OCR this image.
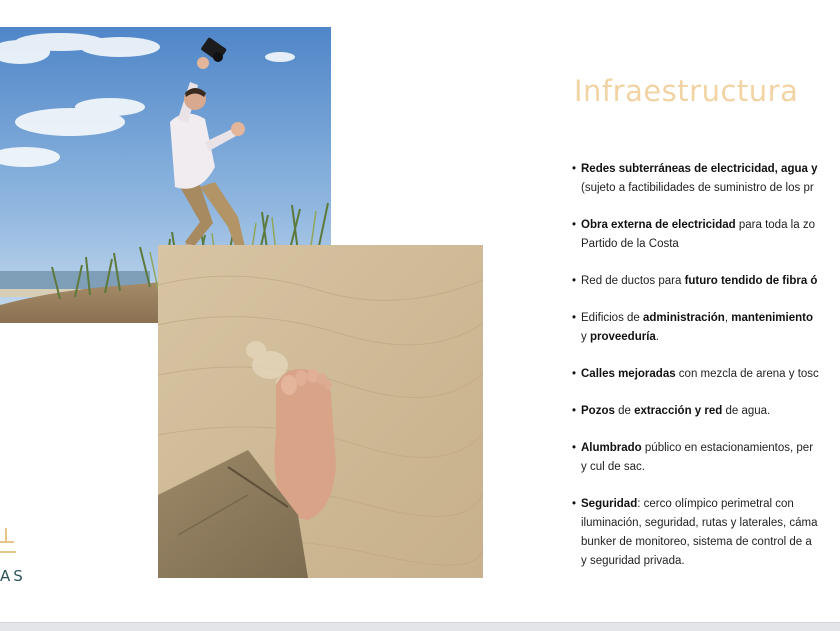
AS
Infraestructura
• Redes subterráneas de electricidad, agua y
(sujeto a factibilidades de suministro de los pr
• Obra externa de electricidad para toda la zo
Partido de la Costa
• Red de ductos para futuro tendido de fibra ó
• Edificios de administración, mantenimiento
y proveeduría.
• Calles mejoradas con mezcla de arena y tosc
• Pozos de extracción y red de agua.
• Alumbrado público en estacionamientos, per
y cul de sac.
• Seguridad: cerco olímpico perimetral con
iluminación, seguridad, rutas y laterales, cáma
bunker de monitoreo, sistema de control de a
y seguridad privada.
